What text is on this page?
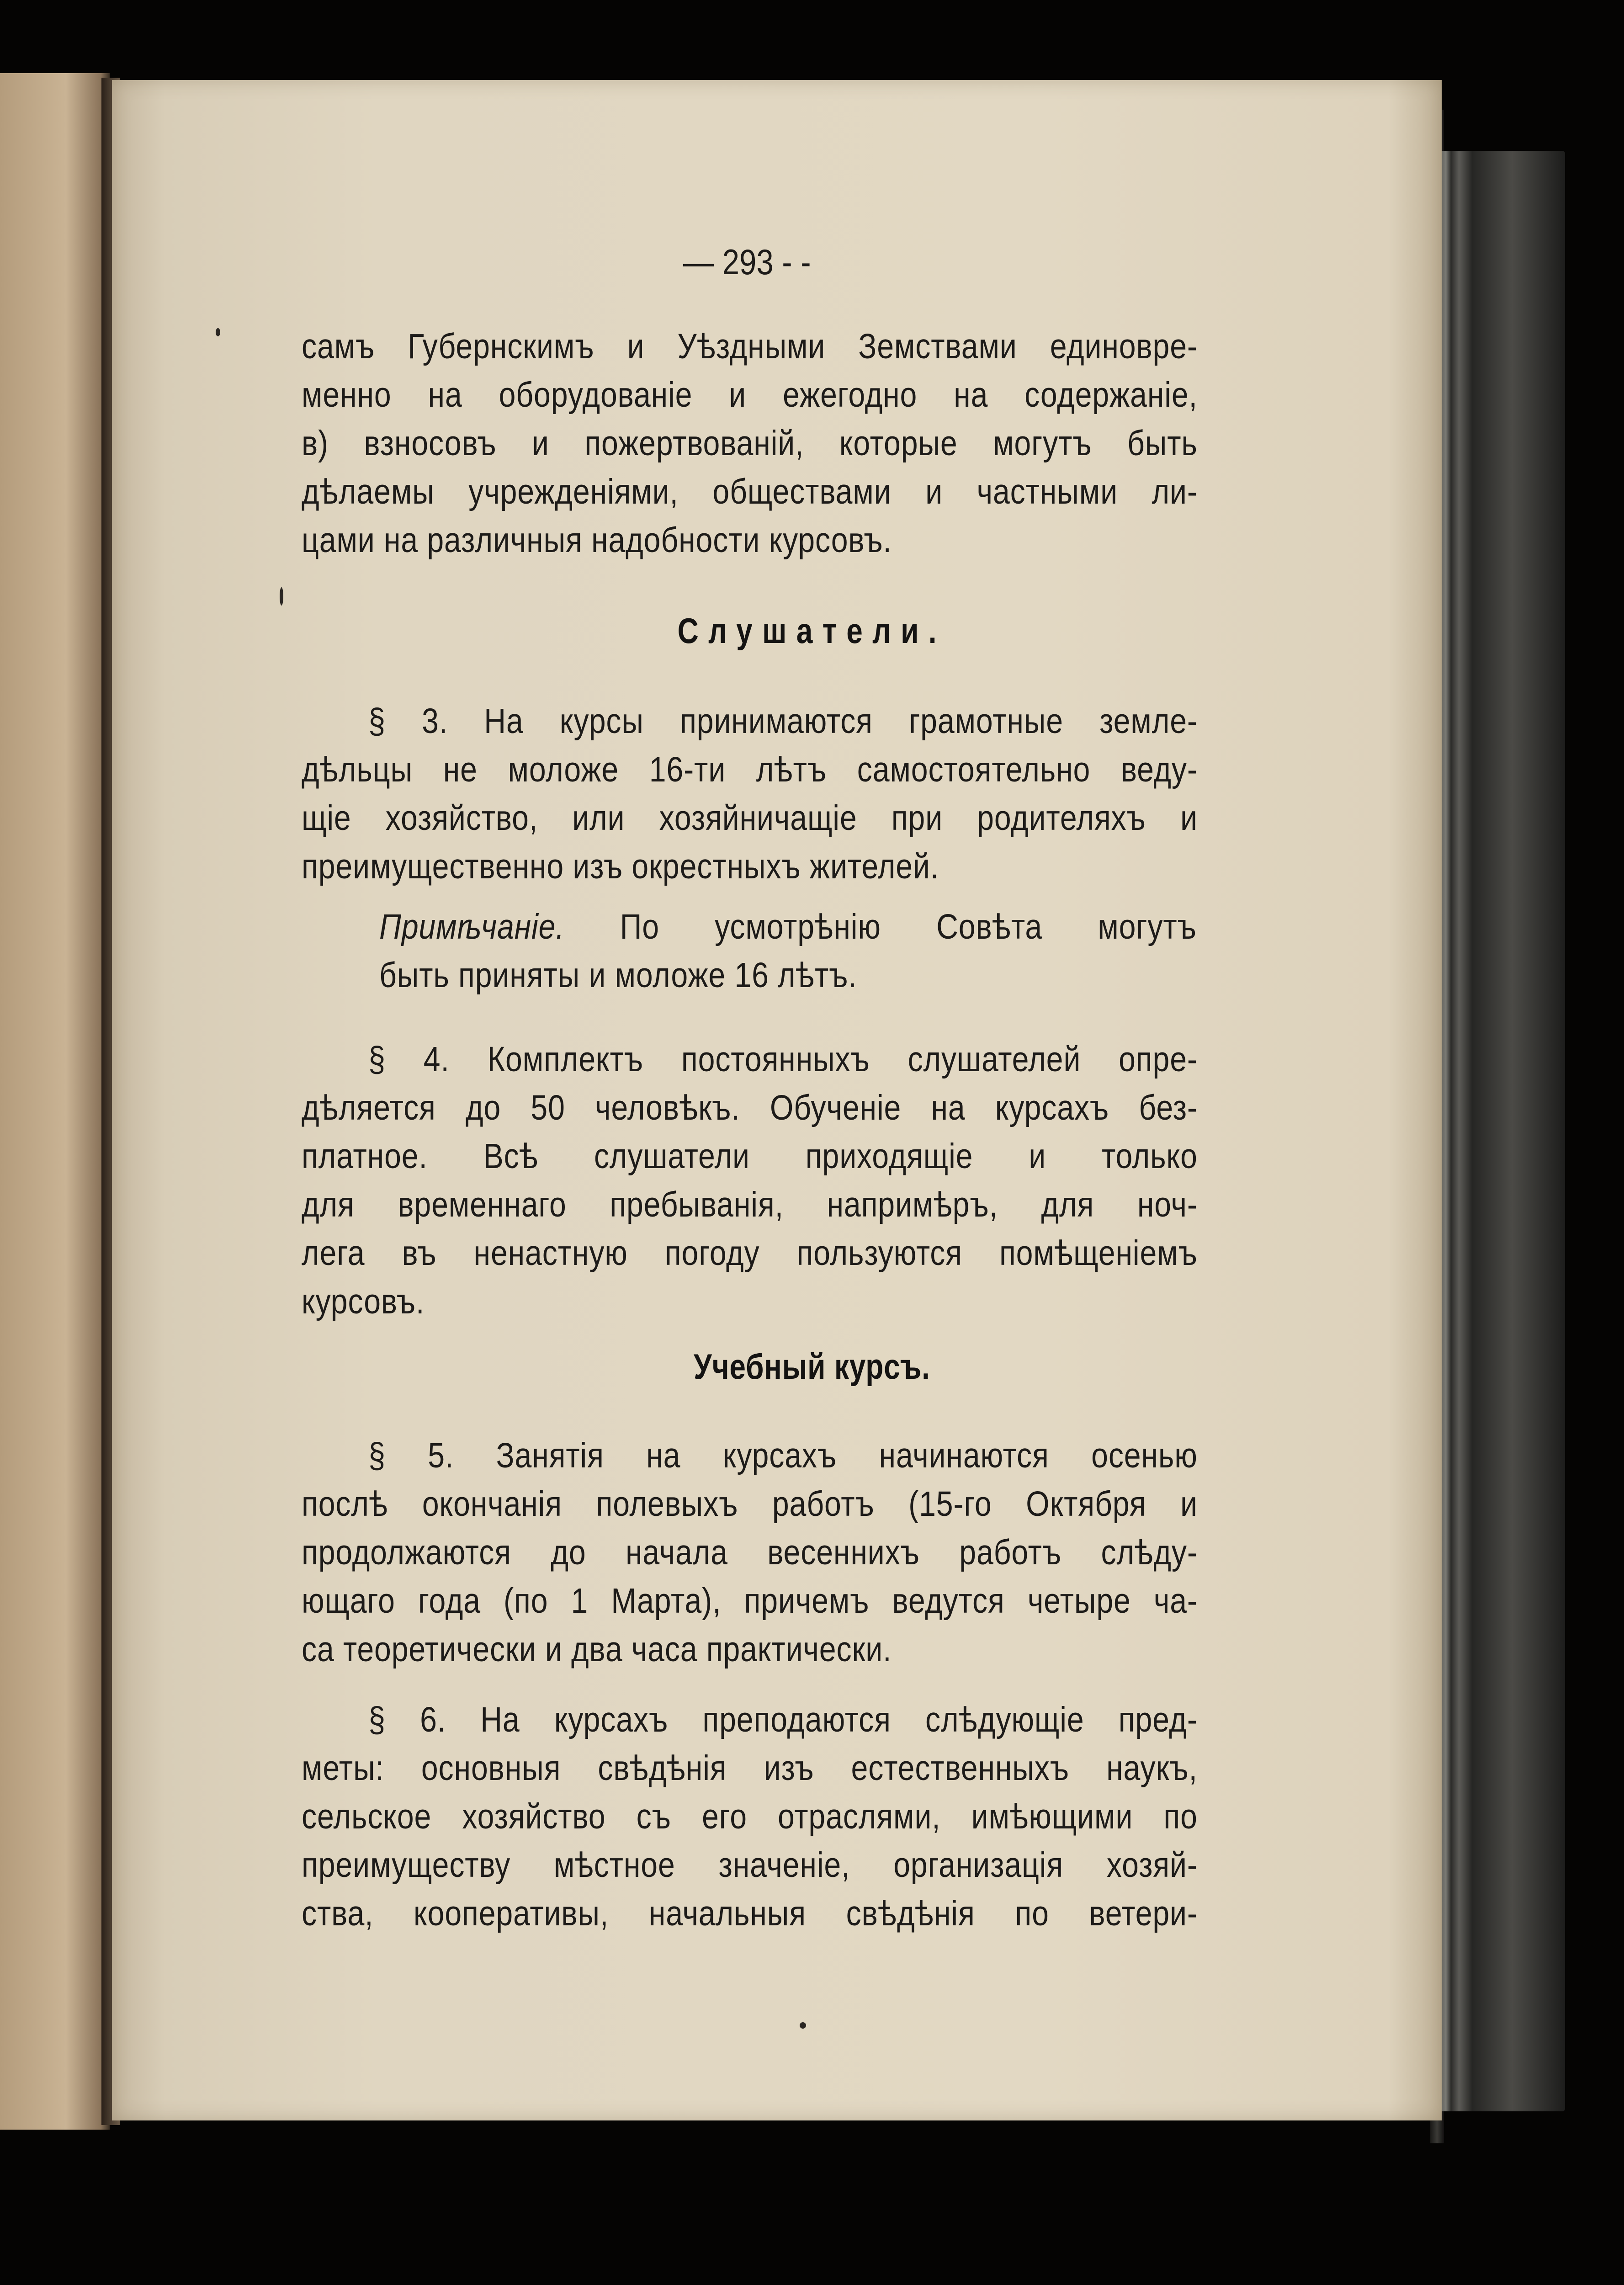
— 293 - -
самъ Губернскимъ и Уѣздными Земствами единовре-
менно на оборудованіе и ежегодно на содержаніе,
в) взносовъ и пожертвованій, которые могутъ быть
дѣлаемы учрежденіями, обществами и частными ли-
цами на различныя надобности курсовъ.
Слушатели.
§ 3. На курсы принимаются грамотные земле-
дѣльцы не моложе 16-ти лѣтъ самостоятельно веду-
щіе хозяйство, или хозяйничащіе при родителяхъ и
преимущественно изъ окрестныхъ жителей.
Примѣчаніе. По усмотрѣнію Совѣта могутъ
быть приняты и моложе 16 лѣтъ.
§ 4. Комплектъ постоянныхъ слушателей опре-
дѣляется до 50 человѣкъ. Обученіе на курсахъ без-
платное. Всѣ слушатели приходящіе и только
для временнаго пребыванія, напримѣръ, для ноч-
лега въ ненастную погоду пользуются помѣщеніемъ
курсовъ.
Учебный курсъ.
§ 5. Занятія на курсахъ начинаются осенью
послѣ окончанія полевыхъ работъ (15-го Октября и
продолжаются до начала весеннихъ работъ слѣду-
ющаго года (по 1 Марта), причемъ ведутся четыре ча-
са теоретически и два часа практически.
§ 6. На курсахъ преподаются слѣдующіе пред-
меты: основныя свѣдѣнія изъ естественныхъ наукъ,
сельское хозяйство съ его отраслями, имѣющими по
преимуществу мѣстное значеніе, организація хозяй-
ства, кооперативы, начальныя свѣдѣнія по ветери-
